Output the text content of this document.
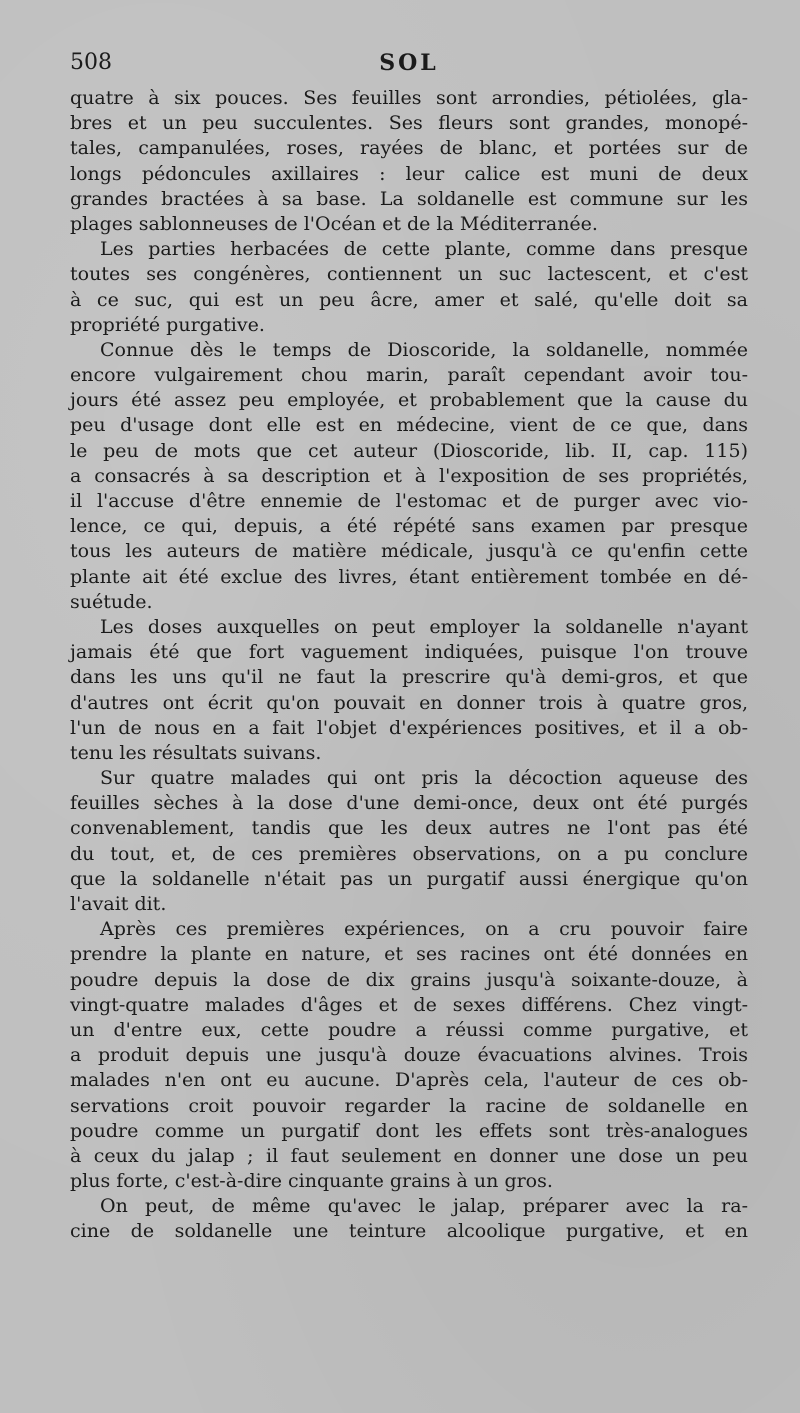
508	SOL
quatre à six pouces. Ses feuilles sont arrondies, pétiolées, gla-
bres et un peu succulentes. Ses fleurs sont grandes, monopé-
tales, campanulées, roses, rayées de blanc, et portées sur de
longs pédoncules axillaires : leur calice est muni de deux
grandes bractées à sa base. La soldanelle est commune sur les
plages sablonneuses de l'Océan et de la Méditerranée.
Les parties herbacées de cette plante, comme dans presque
toutes ses congénères, contiennent un suc lactescent, et c'est
à ce suc, qui est un peu âcre, amer et salé, qu'elle doit sa
propriété purgative.
Connue dès le temps de Dioscoride, la soldanelle, nommée
encore vulgairement chou marin, paraît cependant avoir tou-
jours été assez peu employée, et probablement que la cause du
peu d'usage dont elle est en médecine, vient de ce que, dans
le peu de mots que cet auteur (Dioscoride, lib. II, cap. 115)
a consacrés à sa description et à l'exposition de ses propriétés,
il l'accuse d'être ennemie de l'estomac et de purger avec vio-
lence, ce qui, depuis, a été répété sans examen par presque
tous les auteurs de matière médicale, jusqu'à ce qu'enfin cette
plante ait été exclue des livres, étant entièrement tombée en dé-
suétude.
Les doses auxquelles on peut employer la soldanelle n'ayant
jamais été que fort vaguement indiquées, puisque l'on trouve
dans les uns qu'il ne faut la prescrire qu'à demi-gros, et que
d'autres ont écrit qu'on pouvait en donner trois à quatre gros,
l'un de nous en a fait l'objet d'expériences positives, et il a ob-
tenu les résultats suivans.
Sur quatre malades qui ont pris la décoction aqueuse des
feuilles sèches à la dose d'une demi-once, deux ont été purgés
convenablement, tandis que les deux autres ne l'ont pas été
du tout, et, de ces premières observations, on a pu conclure
que la soldanelle n'était pas un purgatif aussi énergique qu'on
l'avait dit.
Après ces premières expériences, on a cru pouvoir faire
prendre la plante en nature, et ses racines ont été données en
poudre depuis la dose de dix grains jusqu'à soixante-douze, à
vingt-quatre malades d'âges et de sexes différens. Chez vingt-
un d'entre eux, cette poudre a réussi comme purgative, et
a produit depuis une jusqu'à douze évacuations alvines. Trois
malades n'en ont eu aucune. D'après cela, l'auteur de ces ob-
servations croit pouvoir regarder la racine de soldanelle en
poudre comme un purgatif dont les effets sont très-analogues
à ceux du jalap ; il faut seulement en donner une dose un peu
plus forte, c'est-à-dire cinquante grains à un gros.
On peut, de même qu'avec le jalap, préparer avec la ra-
cine de soldanelle une teinture alcoolique purgative, et en
